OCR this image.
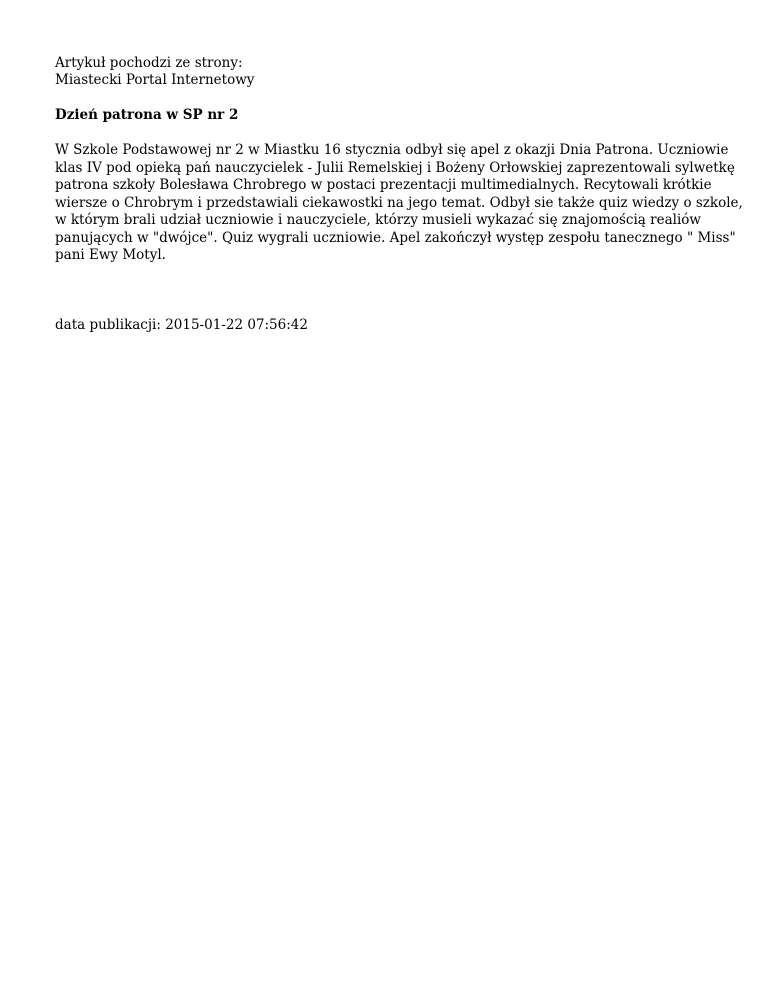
Artykuł pochodzi ze strony:
Miastecki Portal Internetowy
Dzień patrona w SP nr 2
W Szkole Podstawowej nr 2 w Miastku 16 stycznia odbył się apel z okazji Dnia Patrona. Uczniowie
klas IV pod opieką pań nauczycielek - Julii Remelskiej i Bożeny Orłowskiej zaprezentowali sylwetkę
patrona szkoły Bolesława Chrobrego w postaci prezentacji multimedialnych. Recytowali krótkie
wiersze o Chrobrym i przedstawiali ciekawostki na jego temat. Odbył sie także quiz wiedzy o szkole,
w którym brali udział uczniowie i nauczyciele, którzy musieli wykazać się znajomością realiów
panujących w "dwójce". Quiz wygrali uczniowie. Apel zakończył występ zespołu tanecznego " Miss"
pani Ewy Motyl.
data publikacji: 2015-01-22 07:56:42
